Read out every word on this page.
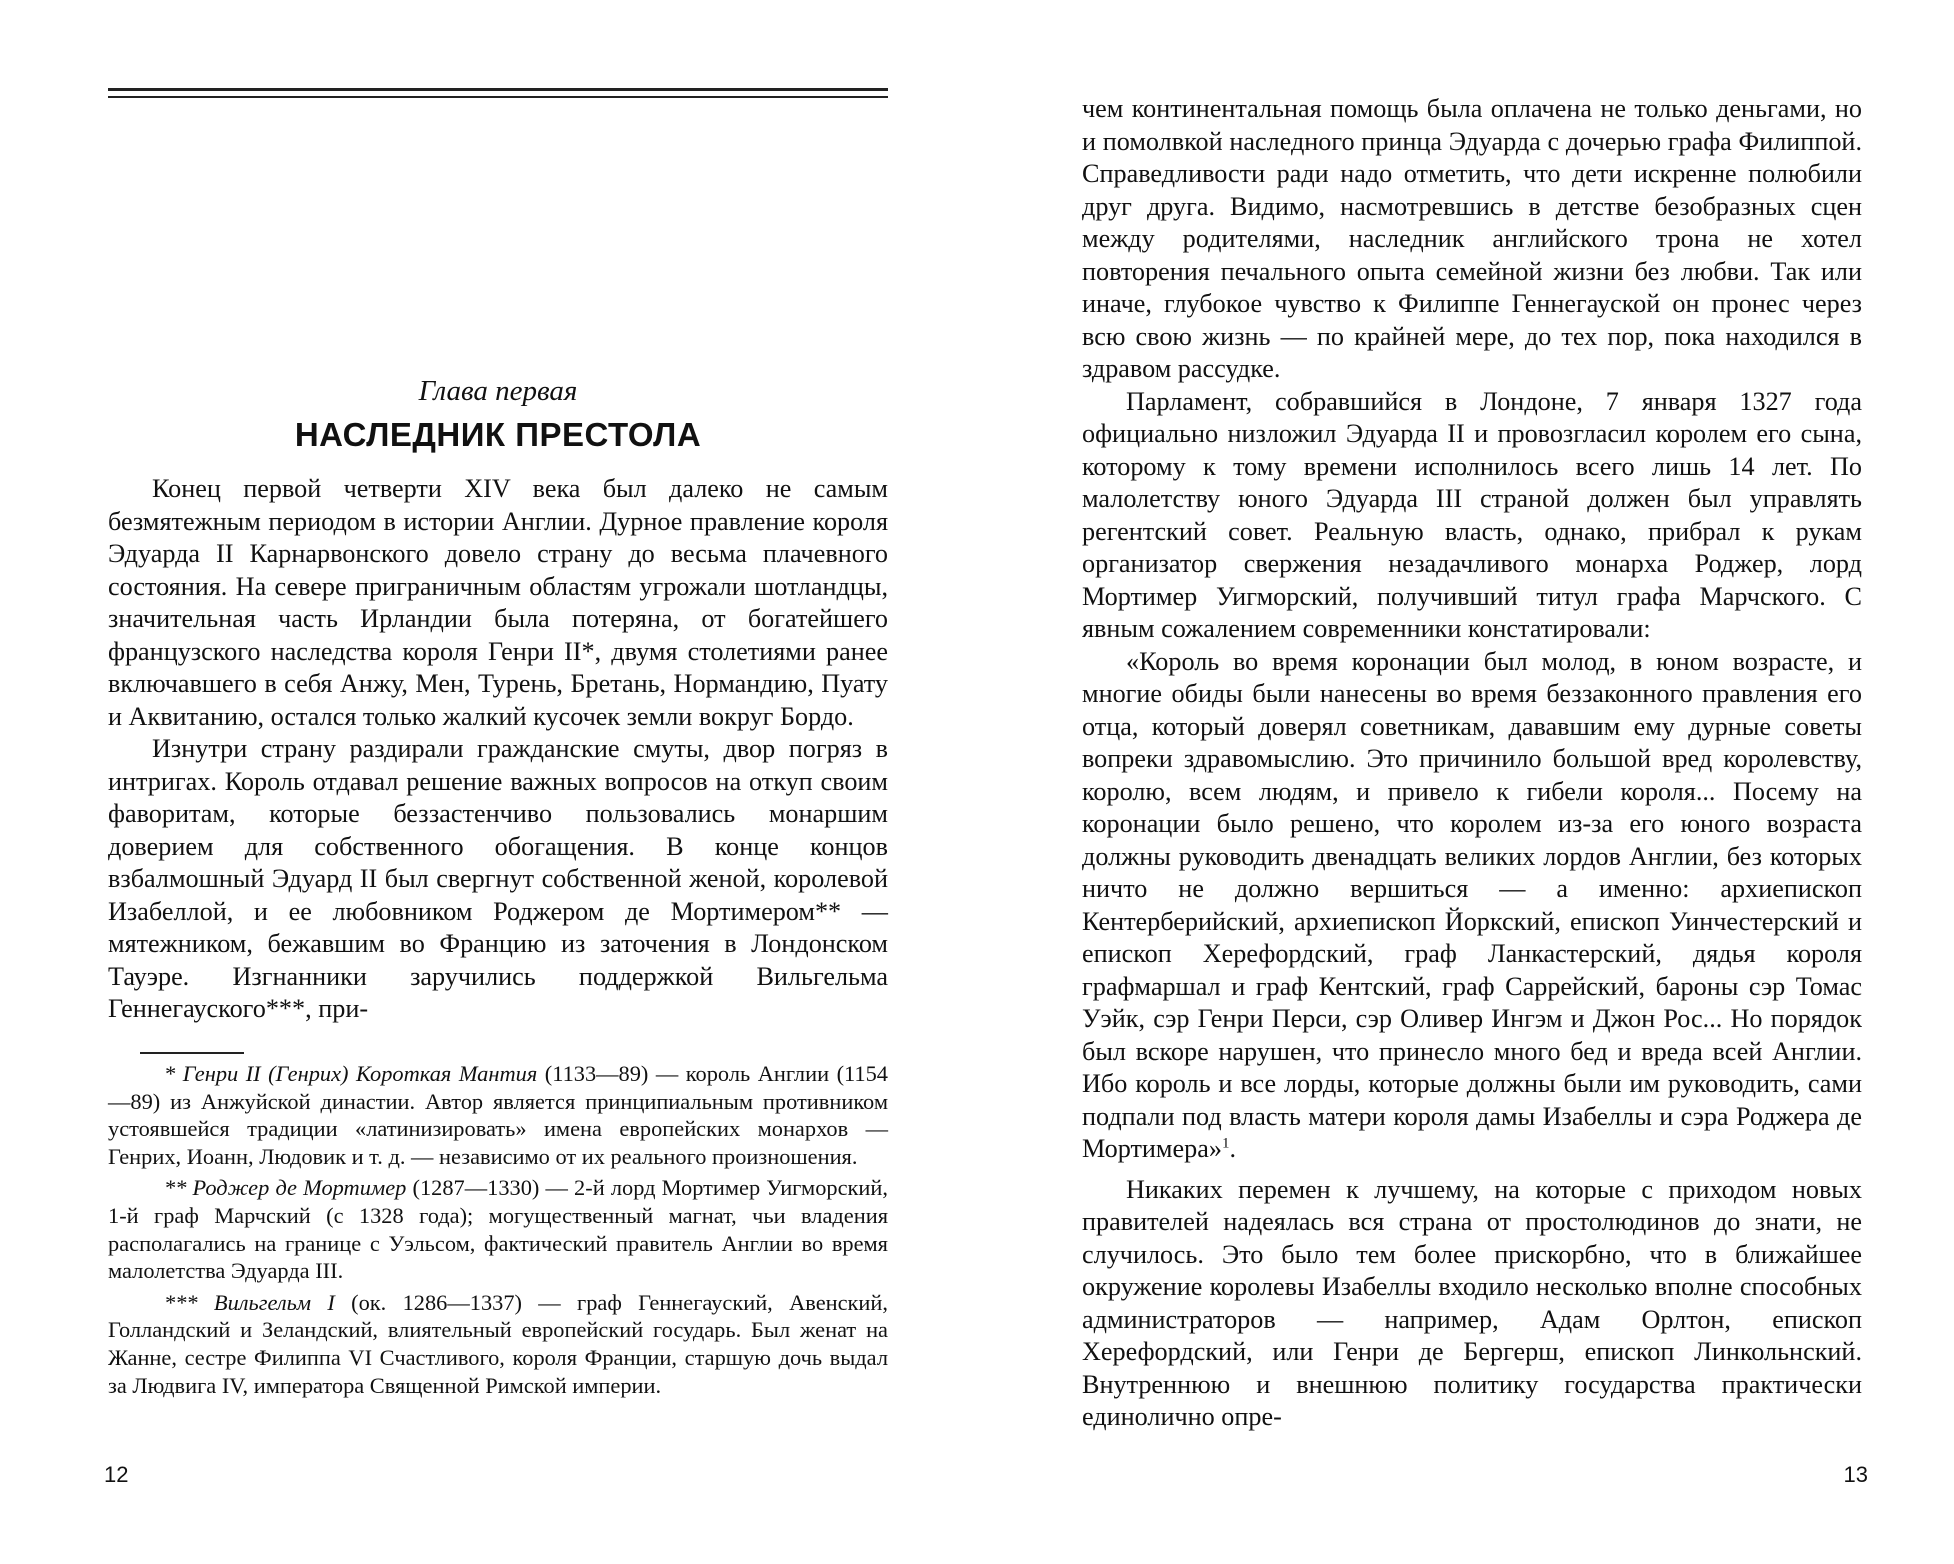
Глава первая
НАСЛЕДНИК ПРЕСТОЛА

Конец первой четверти XIV века был далеко не самым безмятежным периодом в истории Англии. Дурное правление короля Эдуарда II Карнарвонского довело страну до весьма плачевного состояния. На севере приграничным областям угрожали шотландцы, значительная часть Ирландии была потеряна, от богатейшего французского наследства короля Генри II*, двумя столетиями ранее включавшего в себя Анжу, Мен, Турень, Бретань, Нормандию, Пуату и Аквитанию, остался только жалкий кусочек земли вокруг Бордо.

Изнутри страну раздирали гражданские смуты, двор погряз в интригах. Король отдавал решение важных вопросов на откуп своим фаворитам, которые беззастенчиво пользовались монаршим доверием для собственного обогащения. В конце концов взбалмошный Эдуард II был свергнут собственной женой, королевой Изабеллой, и ее любовником Роджером де Мортимером** — мятежником, бежавшим во Францию из заточения в Лондонском Тауэре. Изгнанники заручились поддержкой Вильгельма Геннегауского***, при-

* Генри II (Генрих) Короткая Мантия (1133—89) — король Англии (1154—89) из Анжуйской династии. Автор является принципиальным противником устоявшейся традиции «латинизировать» имена европейских монархов — Генрих, Иоанн, Людовик и т. д. — независимо от их реального произношения.

** Роджер де Мортимер (1287—1330) — 2-й лорд Мортимер Уигморский, 1-й граф Марчский (с 1328 года); могущественный магнат, чьи владения располагались на границе с Уэльсом, фактический правитель Англии во время малолетства Эдуарда III.

*** Вильгельм I (ок. 1286—1337) — граф Геннегауский, Авенский, Голландский и Зеландский, влиятельный европейский государь. Был женат на Жанне, сестре Филиппа VI Счастливого, короля Франции, старшую дочь выдал за Людвига IV, императора Священной Римской империи.

12

чем континентальная помощь была оплачена не только деньгами, но и помолвкой наследного принца Эдуарда с дочерью графа Филиппой. Справедливости ради надо отметить, что дети искренне полюбили друг друга. Видимо, насмотревшись в детстве безобразных сцен между родителями, наследник английского трона не хотел повторения печального опыта семейной жизни без любви. Так или иначе, глубокое чувство к Филиппе Геннегауской он пронес через всю свою жизнь — по крайней мере, до тех пор, пока находился в здравом рассудке.

Парламент, собравшийся в Лондоне, 7 января 1327 года официально низложил Эдуарда II и провозгласил королем его сына, которому к тому времени исполнилось всего лишь 14 лет. По малолетству юного Эдуарда III страной должен был управлять регентский совет. Реальную власть, однако, прибрал к рукам организатор свержения незадачливого монарха Роджер, лорд Мортимер Уигморский, получивший титул графа Марчского. С явным сожалением современники констатировали:

«Король во время коронации был молод, в юном возрасте, и многие обиды были нанесены во время беззаконного правления его отца, который доверял советникам, дававшим ему дурные советы вопреки здравомыслию. Это причинило большой вред королевству, королю, всем людям, и привело к гибели короля... Посему на коронации было решено, что королем из-за его юного возраста должны руководить двенадцать великих лордов Англии, без которых ничто не должно вершиться — а именно: архиепископ Кентерберийский, архиепископ Йоркский, епископ Уинчестерский и епископ Херефордский, граф Ланкастерский, дядья короля графмаршал и граф Кентский, граф Саррейский, бароны сэр Томас Уэйк, сэр Генри Перси, сэр Оливер Ингэм и Джон Рос... Но порядок был вскоре нарушен, что принесло много бед и вреда всей Англии. Ибо король и все лорды, которые должны были им руководить, сами подпали под власть матери короля дамы Изабеллы и сэра Роджера де Мортимера»$^1$.

Никаких перемен к лучшему, на которые с приходом новых правителей надеялась вся страна от простолюдинов до знати, не случилось. Это было тем более прискорбно, что в ближайшее окружение королевы Изабеллы входило несколько вполне способных администраторов — например, Адам Орлтон, епископ Херефордский, или Генри де Бергерш, епископ Линкольнский. Внутреннюю и внешнюю политику государства практически единолично опре-

13
